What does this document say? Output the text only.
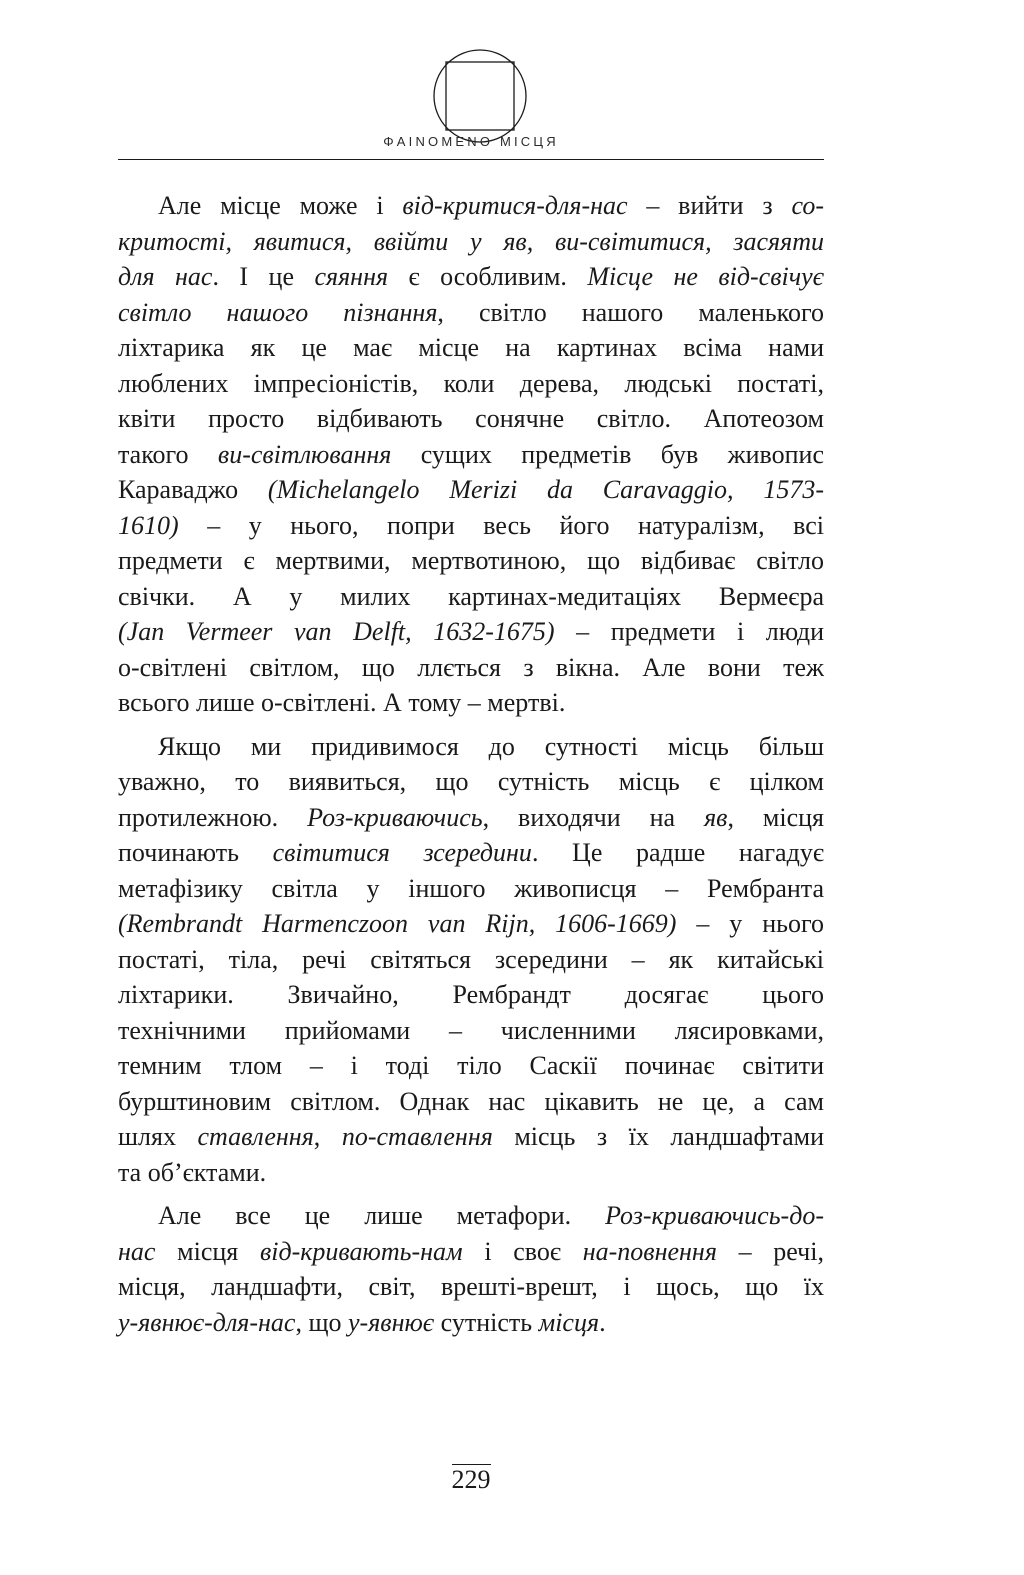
ΦAINOMENO МІСЦЯ
Але місце може і від-критися-для-нас – вийти з со-
критості, явитися, ввійти у яв, ви-світитися, засяяти
для нас. І це сяяння є особливим. Місце не від-свічує
світло нашого пізнання, світло нашого маленького
ліхтарика як це має місце на картинах всіма нами
люблених імпресіоністів, коли дерева, людські постаті,
квіти просто відбивають сонячне світло. Апотеозом
такого ви-світлювання сущих предметів був живопис
Караваджо (Michelangelo Merizi da Caravaggio, 1573-
1610) – у нього, попри весь його натуралізм, всі
предмети є мертвими, мертвотиною, що відбиває світло
свічки. А у милих картинах-медитаціях Вермеєра
(Jan Vermeer van Delft, 1632-1675) – предмети і люди
о-світлені світлом, що ллється з вікна. Але вони теж
всього лише о-світлені. А тому – мертві.
Якщо ми придивимося до сутності місць більш
уважно, то виявиться, що сутність місць є цілком
протилежною. Роз-криваючись, виходячи на яв, місця
починають світитися зсередини. Це радше нагадує
метафізику світла у іншого живописця – Рембранта
(Rembrandt Harmenczoon van Rijn, 1606-1669) – у нього
постаті, тіла, речі світяться зсередини – як китайські
ліхтарики. Звичайно, Рембрандт досягає цього
технічними прийомами – численними лясировками,
темним тлом – і тоді тіло Саскії починає світити
бурштиновим світлом. Однак нас цікавить не це, а сам
шлях ставлення, по-ставлення місць з їх ландшафтами
та об’єктами.
Але все це лише метафори. Роз-криваючись-до-
нас місця від-кривають-нам і своє на-повнення – речі,
місця, ландшафти, світ, врешті-врешт, і щось, що їх
у-явнює-для-нас, що у-явнює сутність місця.
229
